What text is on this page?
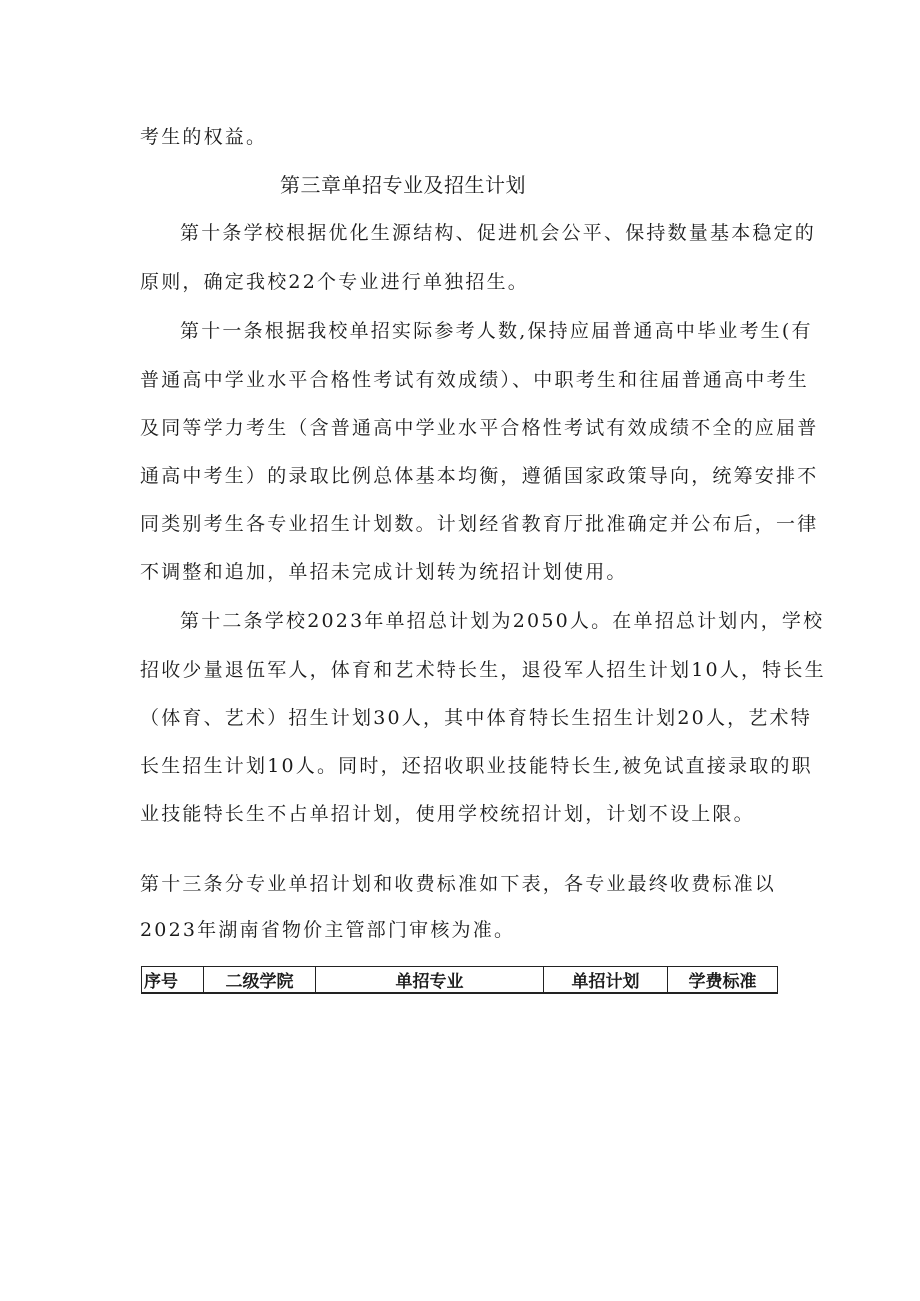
考生的权益。

第三章单招专业及招生计划

第十条学校根据优化生源结构、促进机会公平、保持数量基本稳定的

原则，确定我校22个专业进行单独招生。

第十一条根据我校单招实际参考人数,保持应届普通高中毕业考生(有

普通高中学业水平合格性考试有效成绩）、中职考生和往届普通高中考生

及同等学力考生（含普通高中学业水平合格性考试有效成绩不全的应届普

通高中考生）的录取比例总体基本均衡，遵循国家政策导向，统筹安排不

同类别考生各专业招生计划数。计划经省教育厅批准确定并公布后，一律

不调整和追加，单招未完成计划转为统招计划使用。

第十二条学校2023年单招总计划为2050人。在单招总计划内，学校

招收少量退伍军人，体育和艺术特长生，退役军人招生计划10人，特长生

（体育、艺术）招生计划30人，其中体育特长生招生计划20人，艺术特

长生招生计划10人。同时，还招收职业技能特长生,被免试直接录取的职

业技能特长生不占单招计划，使用学校统招计划，计划不设上限。

第十三条分专业单招计划和收费标准如下表，各专业最终收费标准以

2023年湖南省物价主管部门审核为准。

序号	二级学院	单招专业	单招计划	学费标准
